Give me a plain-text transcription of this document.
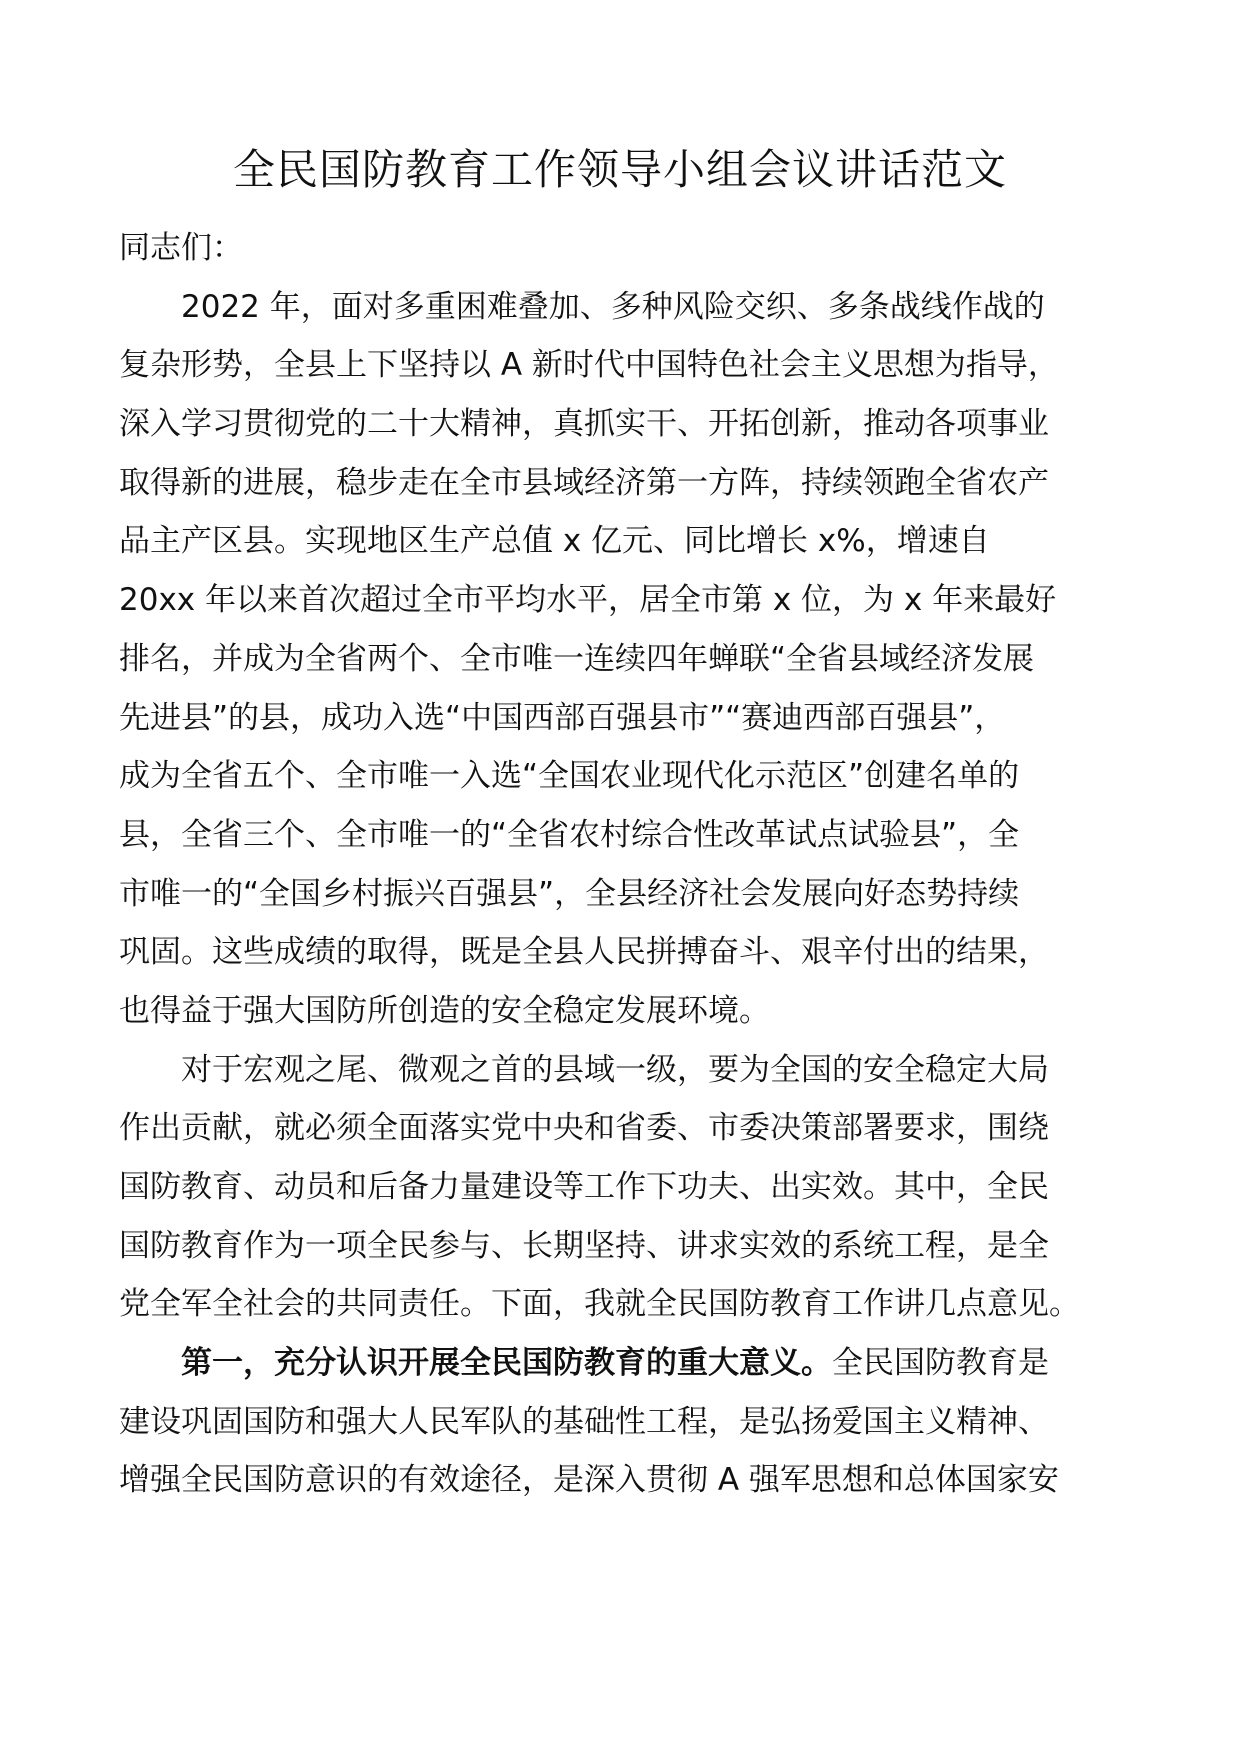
全民国防教育工作领导小组会议讲话范文
同志们：
2022 年，面对多重困难叠加、多种风险交织、多条战线作战的
复杂形势，全县上下坚持以 A 新时代中国特色社会主义思想为指导，
深入学习贯彻党的二十大精神，真抓实干、开拓创新，推动各项事业
取得新的进展，稳步走在全市县域经济第一方阵，持续领跑全省农产
品主产区县。实现地区生产总值 x 亿元、同比增长 x%，增速自
20xx 年以来首次超过全市平均水平，居全市第 x 位，为 x 年来最好
排名，并成为全省两个、全市唯一连续四年蝉联“全省县域经济发展
先进县”的县，成功入选“中国西部百强县市”“赛迪西部百强县”，
成为全省五个、全市唯一入选“全国农业现代化示范区”创建名单的
县，全省三个、全市唯一的“全省农村综合性改革试点试验县”，全
市唯一的“全国乡村振兴百强县”，全县经济社会发展向好态势持续
巩固。这些成绩的取得，既是全县人民拼搏奋斗、艰辛付出的结果，
也得益于强大国防所创造的安全稳定发展环境。
对于宏观之尾、微观之首的县域一级，要为全国的安全稳定大局
作出贡献，就必须全面落实党中央和省委、市委决策部署要求，围绕
国防教育、动员和后备力量建设等工作下功夫、出实效。其中，全民
国防教育作为一项全民参与、长期坚持、讲求实效的系统工程，是全
党全军全社会的共同责任。下面，我就全民国防教育工作讲几点意见。
第一，充分认识开展全民国防教育的重大意义。全民国防教育是
建设巩固国防和强大人民军队的基础性工程，是弘扬爱国主义精神、
增强全民国防意识的有效途径，是深入贯彻 A 强军思想和总体国家安
